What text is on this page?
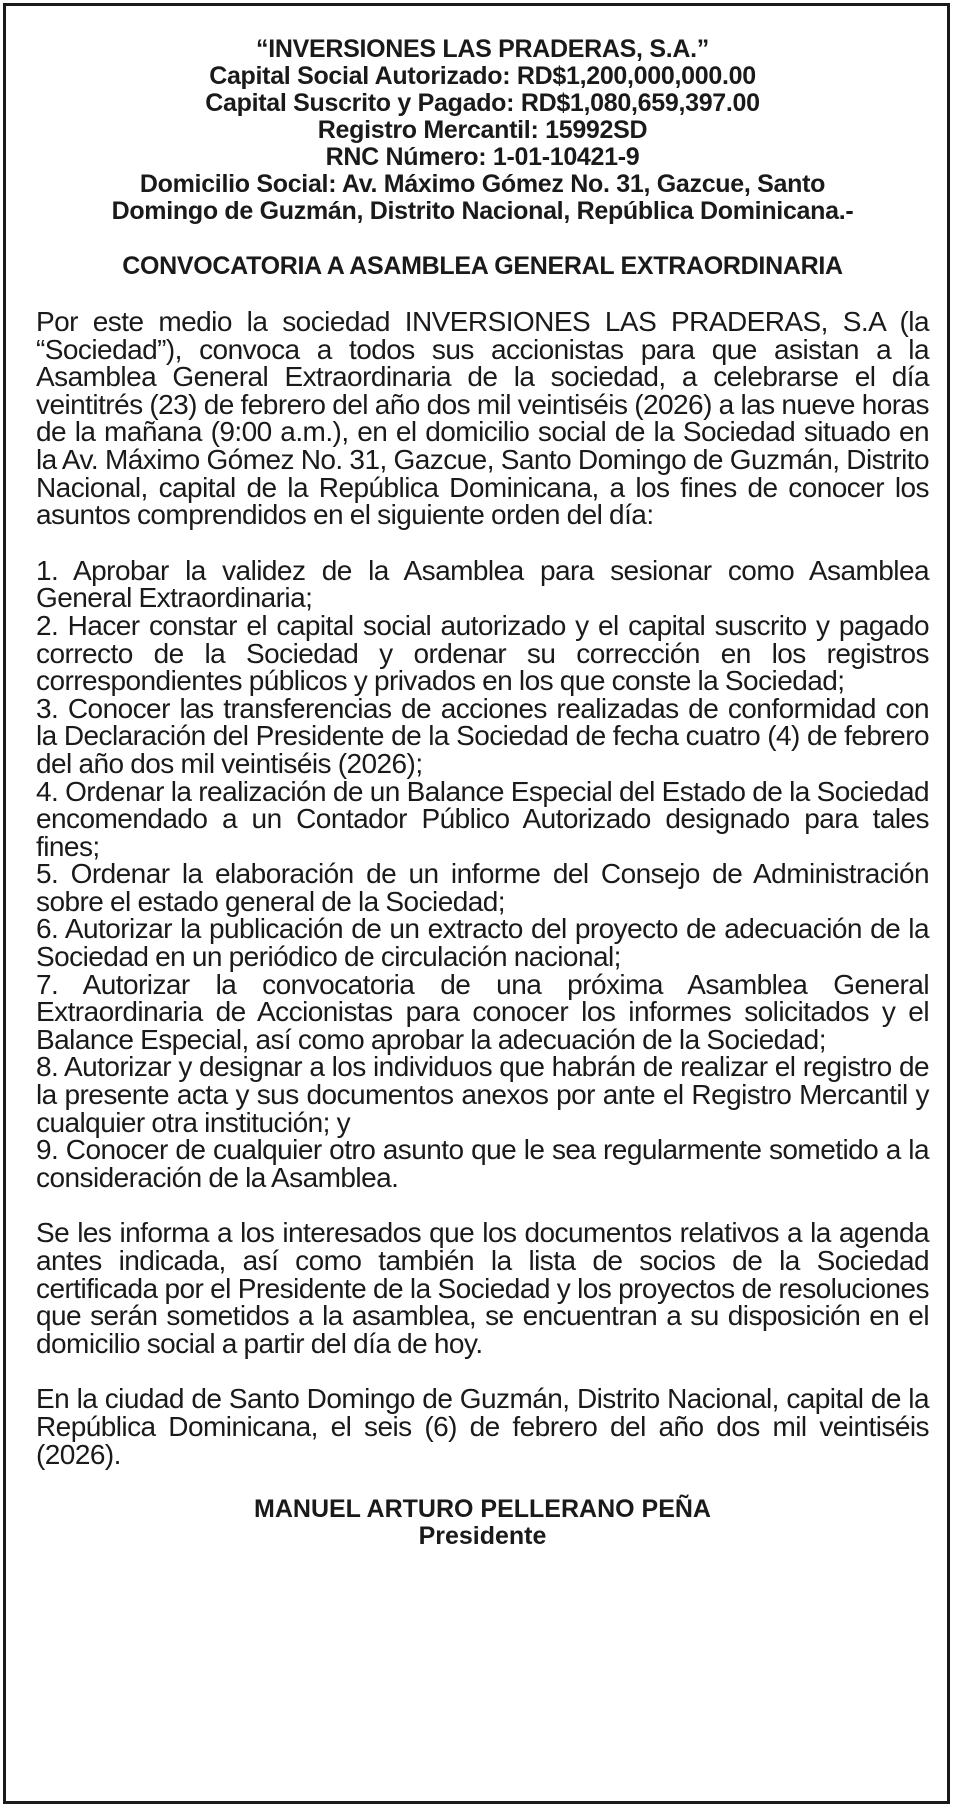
“INVERSIONES LAS PRADERAS, S.A.”
Capital Social Autorizado: RD$1,200,000,000.00
Capital Suscrito y Pagado: RD$1,080,659,397.00
Registro Mercantil: 15992SD
RNC Número: 1-01-10421-9
Domicilio Social: Av. Máximo Gómez No. 31, Gazcue, Santo
Domingo de Guzmán, Distrito Nacional, República Dominicana.-
CONVOCATORIA A ASAMBLEA GENERAL EXTRAORDINARIA
Por este medio la sociedad INVERSIONES LAS PRADERAS, S.A (la “Sociedad”), convoca a todos sus accionistas para que asistan a la Asamblea General Extraordinaria de la sociedad, a celebrarse el día veintitrés (23) de febrero del año dos mil veintiséis (2026) a las nueve horas de la mañana (9:00 a.m.), en el domicilio social de la Sociedad situado en la Av. Máximo Gómez No. 31, Gazcue, Santo Domingo de Guzmán, Distrito Nacional, capital de la República Dominicana, a los fines de conocer los asuntos comprendidos en el siguiente orden del día:
1. Aprobar la validez de la Asamblea para sesionar como Asamblea General Extraordinaria;
2. Hacer constar el capital social autorizado y el capital suscrito y pagado correcto de la Sociedad y ordenar su corrección en los registros correspondientes públicos y privados en los que conste la Sociedad;
3. Conocer las transferencias de acciones realizadas de conformidad con la Declaración del Presidente de la Sociedad de fecha cuatro (4) de febrero del año dos mil veintiséis (2026);
4. Ordenar la realización de un Balance Especial del Estado de la Sociedad encomendado a un Contador Público Autorizado designado para tales fines;
5. Ordenar la elaboración de un informe del Consejo de Administración sobre el estado general de la Sociedad;
6. Autorizar la publicación de un extracto del proyecto de adecuación de la Sociedad en un periódico de circulación nacional;
7. Autorizar la convocatoria de una próxima Asamblea General Extraordinaria de Accionistas para conocer los informes solicitados y el Balance Especial, así como aprobar la adecuación de la Sociedad;
8. Autorizar y designar a los individuos que habrán de realizar el registro de la presente acta y sus documentos anexos por ante el Registro Mercantil y cualquier otra institución; y
9. Conocer de cualquier otro asunto que le sea regularmente sometido a la consideración de la Asamblea.
Se les informa a los interesados que los documentos relativos a la agenda antes indicada, así como también la lista de socios de la Sociedad certificada por el Presidente de la Sociedad y los proyectos de resoluciones que serán sometidos a la asamblea, se encuentran a su disposición en el domicilio social a partir del día de hoy.
En la ciudad de Santo Domingo de Guzmán, Distrito Nacional, capital de la República Dominicana, el seis (6) de febrero del año dos mil veintiséis (2026).
MANUEL ARTURO PELLERANO PEÑA
Presidente
